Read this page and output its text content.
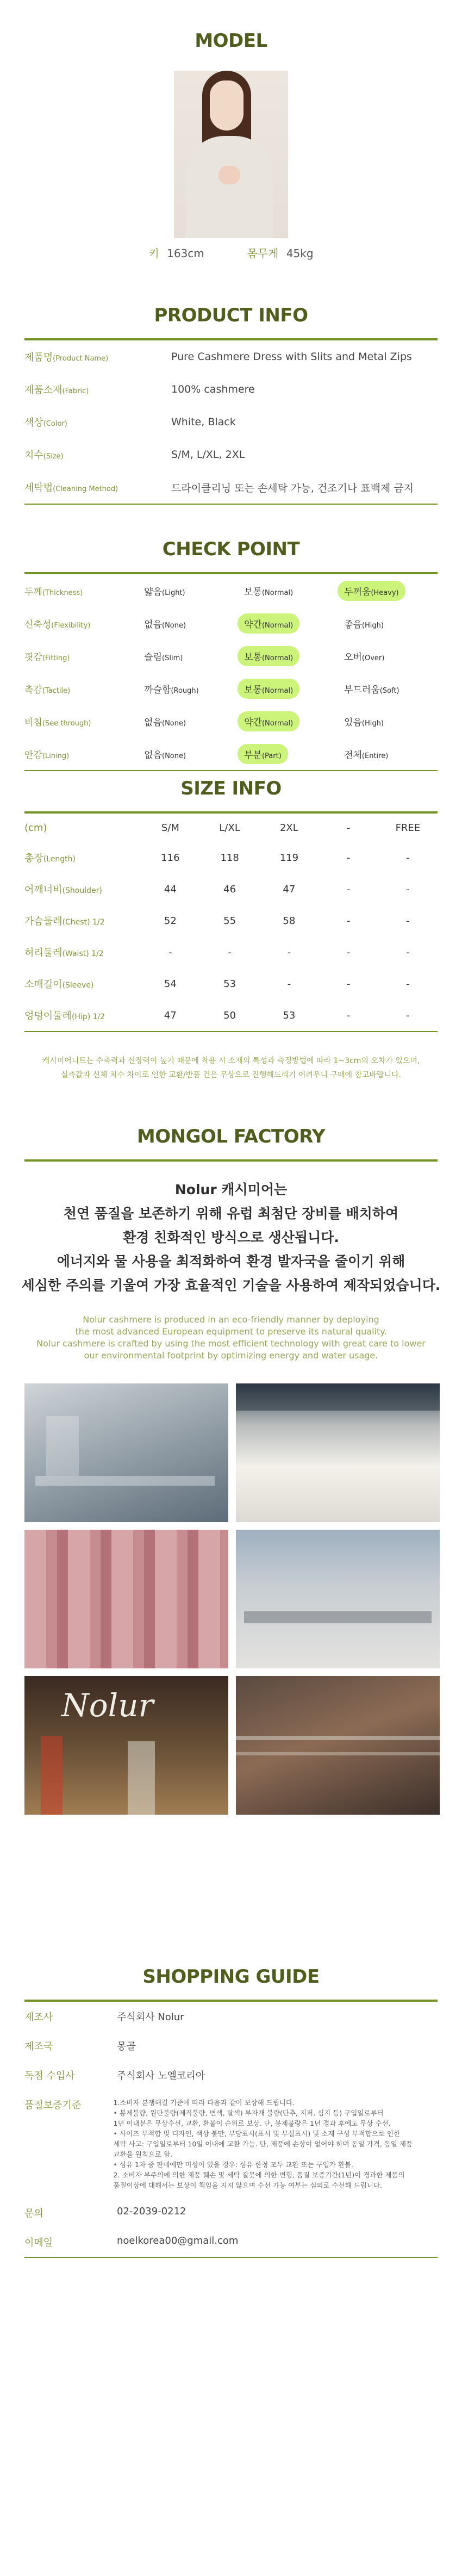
MODEL
키 163cm	몸무게 45kg
PRODUCT INFO
제품명(Product Name)	Pure Cashmere Dress with Slits and Metal Zips
제품소재(Fabric)	100% cashmere
색상(Color)	White, Black
치수(Size)	S/M, L/XL, 2XL
세탁법(Cleaning Method)	드라이클리닝 또는 손세탁 가능, 건조기나 표백제 금지
CHECK POINT
두께(Thickness)	얇음(Light)	보통(Normal)	두꺼움(Heavy)
신축성(Flexibility)	없음(None)	약간(Normal)	좋음(High)
핏감(Fitting)	슬림(Slim)	보통(Normal)	오버(Over)
촉감(Tactile)	까슬함(Rough)	보통(Normal)	부드러움(Soft)
비침(See through)	없음(None)	약간(Normal)	있음(High)
안감(Lining)	없음(None)	부분(Part)	전체(Entire)
SIZE INFO
(cm)	S/M	L/XL	2XL	-	FREE
총장(Length)	116	118	119	-	-
어깨너비(Shoulder)	44	46	47	-	-
가슴둘레(Chest) 1/2	52	55	58	-	-
허리둘레(Waist) 1/2	-	-	-	-	-
소매길이(Sleeve)	54	53	-	-	-
엉덩이둘레(Hip) 1/2	47	50	53	-	-
캐시미어니트는 수축력과 신장력이 높기 때문에 착용 시 소재의 특성과 측정방법에 따라 1~3cm의 오차가 있으며,
실측값과 신체 치수 차이로 인한 교환/반품 건은 무상으로 진행해드리기 어려우니 구매에 참고바랍니다.
MONGOL FACTORY
Nolur 캐시미어는
천연 품질을 보존하기 위해 유럽 최첨단 장비를 배치하여
환경 친화적인 방식으로 생산됩니다.
에너지와 물 사용을 최적화하여 환경 발자국을 줄이기 위해
세심한 주의를 기울여 가장 효율적인 기술을 사용하여 제작되었습니다.
Nolur cashmere is produced in an eco-friendly manner by deploying
the most advanced European equipment to preserve its natural quality.
Nolur cashmere is crafted by using the most efficient technology with great care to lower
our environmental footprint by optimizing energy and water usage.
Nolur
SHOPPING GUIDE
제조사	주식회사 Nolur
제조국	몽골
독점 수입사	주식회사 노엘코리아
품질보증기준	1.소비자 분쟁해결 기준에 따라 다음과 같이 보상해 드립니다.
• 봉제불량, 원단불량(제직불량, 변색, 탈색) 부자재 불량(단추, 지퍼, 심지 등) 구입일로부터
1년 이내분은 무상수선, 교환, 환불이 순위로 보상. 단, 봉제불량은 1년 경과 후에도 무상 수선.
• 사이즈 부적합 및 디자인, 색상 불만, 부당표시(표시 및 부실표시) 및 소재 구성 부적합으로 인한
세탁 사고: 구입일로부터 10일 이내에 교환 가능. 단, 제품에 손상이 없어야 하며 동일 가격, 동일 제품
교환을 원칙으로 함.
• 섬유 1차 중 판매에만 미성이 있을 경우: 섬유 한정 모두 교환 또는 구입가 환불.
2. 소비자 부주의에 의한 제품 훼손 및 세탁 잘못에 의한 변형, 품질 보증기간(1년)이 경과한 제품의
품질이상에 대해서는 보상이 책임을 지지 않으며 수선 가능 여부는 심의로 수선해 드립니다.
문의	02-2039-0212
이메일	noelkorea00@gmail.com
